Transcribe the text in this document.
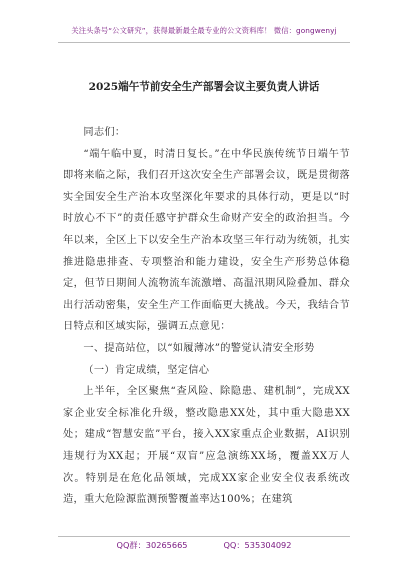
关注头条号“公文研究”，获得最新最全最专业的公文资料库！ 微信：gongwenyj
2025端午节前安全生产部署会议主要负责人讲话

同志们：

“端午临中夏，时清日复长。”在中华民族传统节日端午节即将来临之际，我们召开这次安全生产部署会议，既是贯彻落实全国安全生产治本攻坚深化年要求的具体行动，更是以“时时放心不下”的责任感守护群众生命财产安全的政治担当。今年以来，全区上下以安全生产治本攻坚三年行动为统领，扎实推进隐患排查、专项整治和能力建设，安全生产形势总体稳定，但节日期间人流物流车流激增、高温汛期风险叠加、群众出行活动密集，安全生产工作面临更大挑战。今天，我结合节日特点和区域实际，强调五点意见：

一、提高站位，以“如履薄冰”的警觉认清安全形势

（一）肯定成绩，坚定信心

上半年，全区聚焦“查风险、除隐患、建机制”，完成XX家企业安全标准化升级，整改隐患XX处，其中重大隐患XX处；建成“智慧安监”平台，接入XX家重点企业数据，AI识别违规行为XX起；开展“双盲”应急演练XX场，覆盖XX万人次。特别是在危化品领域，完成XX家企业安全仪表系统改造，重大危险源监测预警覆盖率达100%；在建筑

QQ群：30265665	QQ：535304092
